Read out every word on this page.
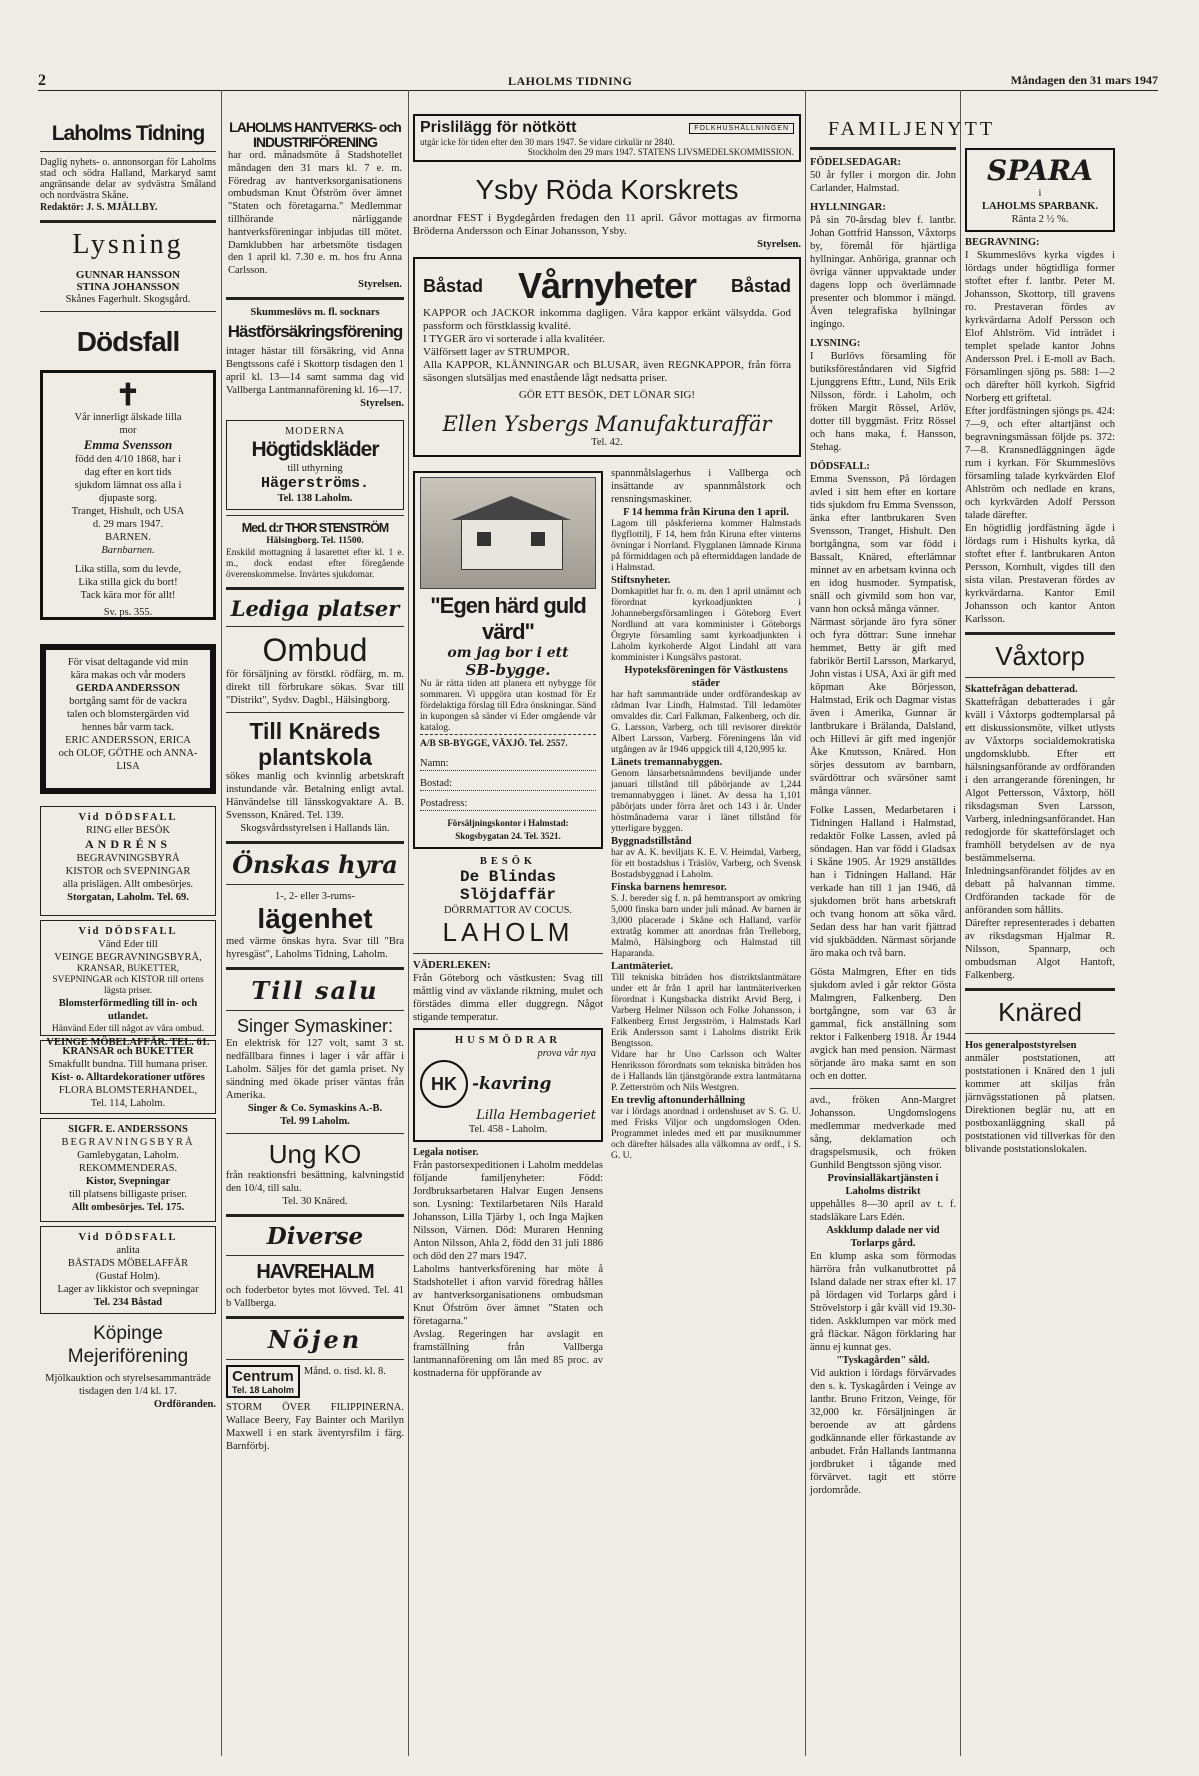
2	LAHOLMS TIDNING	Måndagen den 31 mars 1947
Laholms Tidning
Daglig nyhets- o. annonsorgan för Laholms stad och södra Halland, Markaryd samt angränsande delar av sydvästra Småland och nordvästra Skåne.
Redaktör: J. S. MJÄLLBY.
Lysning
GUNNAR HANSSON
STINA JOHANSSON
Skånes Fagerhult. Skogsgård.
Dödsfall
✝
Vår innerligt älskade lilla mor
Emma Svensson
född den 4/10 1868, har i dag efter en kort tids sjukdom lämnat oss alla i djupaste sorg.
Tranget, Hishult, och USA d. 29 mars 1947.
BARNEN.
Barnbarnen.
Lika stilla, som du levde, Lika stilla gick du bort! Tack kära mor för allt!
Sv. ps. 355.
För visat deltagande vid min kära makas och vår moders
GERDA ANDERSSON
bortgång samt för de vackra talen och blomstergärden vid hennes bår varm tack.
ERIC ANDERSSON, ERICA och OLOF, GÖTHE och ANNA-LISA
Vid DÖDSFALL
RING eller BESÖK
ANDRÉNS
BEGRAVNINGSBYRÅ
KISTOR och SVEPNINGAR
alla prislägen. Allt ombesörjes.
Storgatan, Laholm. Tel. 69.
Vid DÖDSFALL
Vänd Eder till
VEINGE BEGRAVNINGSBYRÅ,
KRANSAR, BUKETTER, SVEPNINGAR och KISTOR till ortens lägsta priser.
Blomsterförmedling till in- och utlandet.
Hänvänd Eder till något av våra ombud.
VEINGE MÖBELAFFÄR. TEL. 61.
KRANSAR och BUKETTER
Smakfullt bundna. Till humana priser.
Kist- o. Alltardekorationer utföres
FLORA BLOMSTERHANDEL,
Tel. 114, Laholm.
SIGFR. E. ANDERSSONS
BEGRAVNINGSBYRÅ
Gamlebygatan, Laholm.
REKOMMENDERAS.
Kistor, Svepningar
till platsens billigaste priser.
Allt ombesörjes. Tel. 175.
Vid DÖDSFALL
anlita
BÅSTADS MÖBELAFFÄR
(Gustaf Holm).
Lager av likkistor och svepningar
Tel. 234 Båstad
Köpinge Mejeriförening
Mjölkauktion och styrelsesammanträde tisdagen den 1/4 kl. 17.
Ordföranden.
LAHOLMS HANTVERKS- och INDUSTRIFÖRENING
har ord. månadsmöte å Stadshotellet måndagen den 31 mars kl. 7 e. m. Föredrag av hantverksorganisationens ombudsman Knut Öfström över ämnet "Staten och företagarna." Medlemmar tillhörande närliggande hantverksföreningar inbjudas till mötet. Damklubben har arbetsmöte tisdagen den 1 april kl. 7.30 e. m. hos fru Anna Carlsson.
Styrelsen.
Skummeslövs m. fl. socknars
Hästförsäkringsförening
intager hästar till försäkring, vid Anna Bengtssons café i Skottorp tisdagen den 1 april kl. 13—14 samt samma dag vid Vallberga Lantmannaförening kl. 16—17.
Styrelsen.
MODERNA
Högtidskläder
till uthyrning
Hägerströms.
Tel. 138 Laholm.
Med. d:r THOR STENSTRÖM
Hälsingborg. Tel. 11500.
Enskild mottagning å lasarettet efter kl. 1 e. m., dock endast efter föregående överenskommelse. Invärtes sjukdomar.
Lediga platser
Ombud
för försäljning av förstkl. rödfärg, m. m. direkt till förbrukare sökas. Svar till "Distrikt", Sydsv. Dagbl., Hälsingborg.
Till Knäreds
plantskola
sökes manlig och kvinnlig arbetskraft instundande vår. Betalning enligt avtal. Hänvändelse till länsskogvaktare A. B. Svensson, Knäred. Tel. 139.
Skogsvårdsstyrelsen i Hallands län.
Önskas hyra
1-, 2- eller 3-rums-
lägenhet
med värme önskas hyra. Svar till "Bra hyresgäst", Laholms Tidning, Laholm.
Till salu
Singer Symaskiner:
En elektrisk för 127 volt, samt 3 st. nedfällbara finnes i lager i vår affär i Laholm. Säljes för det gamla priset. Ny sändning med ökade priser väntas från Amerika.
Singer & Co. Symaskins A.-B.
Tel. 99 Laholm.
Ung KO
från reaktionsfri besättning, kalvningstid den 10/4, till salu.
Tel. 30 Knäred.
Diverse
HAVREHALM
och foderbetor bytes mot lövved. Tel. 41 b Vallberga.
Nöjen
Centrum
Tel. 18 Laholm
Månd. o. tisd. kl. 8.
STORM ÖVER FILIPPINERNA. Wallace Beery, Fay Bainter och Marilyn Maxwell i en stark äventyrsfilm i färg. Barnförbj.
Prislilägg för nötkött	FOLKHUSHÅLLNINGEN
utgår icke för tiden efter den 30 mars 1947. Se vidare cirkulär nr 2840.
Stockholm den 29 mars 1947. STATENS LIVSMEDELSKOMMISSION.
Ysby Röda Korskrets
anordnar FEST i Bygdegården fredagen den 11 april. Gåvor mottagas av firmorna Bröderna Andersson och Einar Johansson, Ysby.
Styrelsen.
Båstad Vårnyheter Båstad
KAPPOR och JACKOR inkomma dagligen. Våra kappor erkänt välsydda. God passform och förstklassig kvalité.
I TYGER äro vi sorterade i alla kvalitéer.
Välförsett lager av STRUMPOR.
Alla KAPPOR, KLÄNNINGAR och BLUSAR, även REGNKAPPOR, från förra säsongen slutsäljas med enastående lågt nedsatta priser.
GÖR ETT BESÖK, DET LÖNAR SIG!
Ellen Ysbergs Manufakturaffär
Tel. 42.
"Egen härd guld värd"
om jag bor i ett
SB-bygge.
Nu är rätta tiden att planera ett nybygge för sommaren. Vi uppgöra utan kostnad för Er fördelaktiga förslag till Edra önskningar. Sänd in kupongen så sänder vi Eder omgående vår katalog.
A/B SB-BYGGE, VÄXJÖ. Tel. 2557.
Namn:
Bostad:
Postadress:
Försäljningskontor i Halmstad: Skogsbygatan 24. Tel. 3521.
BESÖK
De Blindas Slöjdaffär
DÖRRMATTOR AV COCUS.
LAHOLM
VÄDERLEKEN:
Från Göteborg och västkusten: Svag till måttlig vind av växlande riktning, mulet och förstädes dimma eller duggregn. Något stigande temperatur.
HUSMÖDRAR
prova vår nya
HK -kavring
Lilla Hembageriet
Tel. 458 - Laholm.
Legala notiser.
Från pastorsexpeditionen i Laholm meddelas följande familjenyheter: Född: Jordbruksarbetaren Halvar Eugen Jensens son. Lysning: Textilarbetaren Nils Harald Johansson, Lilla Tjärby 1, och Inga Majken Nilsson, Värnen. Död: Muraren Henning Anton Nilsson, Ahla 2, född den 31 juli 1886 och död den 27 mars 1947.
Laholms hantverksförening har möte å Stadshotellet i afton varvid föredrag hålles av hantverksorganisationens ombudsman Knut Öfström över ämnet "Staten och företagarna."
Avslag. Regeringen har avslagit en framställning från Vallberga lantmannaförening om lån med 85 proc. av kostnaderna för uppförande av
spannmålslagerhus i Vallberga och insättande av spannmålstork och rensningsmaskiner.
F 14 hemma från Kiruna den 1 april.
Lagom till påskferierna kommer Halmstads flygflottilj, F 14, hem från Kiruna efter vinterns övningar i Norrland. Flygplanen lämnade Kiruna på förmiddagen och på eftermiddagen landade de i Halmstad.
Stiftsnyheter.
Domkapitlet har fr. o. m. den 1 april utnämnt och förordnat kyrkoadjunkten i Johannebergsförsamlingen i Göteborg Evert Nordlund att vara komminister i Göteborgs Örgryte församling samt kyrkoadjunkten i Laholm kyrkoherde Algot Lindahl att vara komminister i Kungsälvs pastorat.
Hypoteksföreningen för Västkustens städer
har haft sammanträde under ordförandeskap av rådman Ivar Lindh, Halmstad. Till ledamöter omvaldes dir. Carl Falkman, Falkenberg, och dir. G. Larsson, Varberg, och till revisorer direktör Albert Larsson, Varberg. Föreningens lån vid utgången av år 1946 uppgick till 4,120,995 kr.
Länets tremannabyggen.
Genom länsarbetsnämndens beviljande under januari tillstånd till påbörjande av 1,244 tremannabyggen i länet. Av dessa ha 1,101 påbörjats under förra året och 143 i år. Under höstmånaderna varar i länet tillstånd för ytterligare byggen.
Byggnadstillstånd
har av A. K. beviljats K. E. V. Heimdal, Varberg, för ett bostadshus i Träslöv, Varberg, och Svensk Bostadsbyggnad i Laholm.
Finska barnens hemresor.
S. J. bereder sig f. n. på hemtransport av omkring 5,000 finska barn under juli månad. Av barnen är 3,000 placerade i Skåne och Halland, varför extratåg kommer att anordnas från Trelleborg, Malmö, Hälsingborg och Halmstad till Haparanda.
Lantmäteriet.
Till tekniska biträden hos distriktslantmätare under ett år från 1 april har lantmäteriverken förordnat i Kungsbacka distrikt Arvid Berg, i Varberg Helmer Nilsson och Folke Johansson, i Falkenberg Ernst Jergsström, i Halmstads Karl Erik Andersson samt i Laholms distrikt Erik Bengtsson.
Vidare har hr Uno Carlsson och Walter Henriksson förordnats som tekniska biträden hos de i Hallands län tjänstgörande extra lantmätarna P. Zetterström och Nils Westgren.
En trevlig aftonunderhållning
var i lördags anordnad i ordenshuset av S. G. U. med Frisks Viljor och ungdomslogen Oden. Programmet inledes med ett par musiknummer och därefter hälsades alla välkomna av ordf., i S. G. U.
FAMILJENYTT
FÖDELSEDAGAR:
50 år fyller i morgon dir. John Carlander, Halmstad.
HYLLNINGAR:
På sin 70-årsdag blev f. lantbr. Johan Gottfrid Hansson, Våxtorps by, föremål för hjärtliga hyllningar. Anhöriga, grannar och övriga vänner uppvaktade under dagens lopp och överlämnade presenter och blommor i mängd. Även telegrafiska hyllningar ingingo.
LYSNING:
I Burlövs församling för butiksföreståndaren vid Sigfrid Ljunggrens Efttr., Lund, Nils Erik Nilsson, fördr. i Laholm, och fröken Margit Rössel, Arlöv, dotter till byggmäst. Fritz Rössel och hans maka, f. Hansson, Stehag.
DÖDSFALL:
Emma Svensson, På lördagen avled i sitt hem efter en kortare tids sjukdom fru Emma Svensson, änka efter lantbrukaren Sven Svensson, Tranget, Hishult. Den bortgångna, som var född i Bassalt, Knäred, efterlämnar minnet av en arbetsam kvinna och en idog husmoder. Sympatisk, snäll och givmild som hon var, vann hon också många vänner.
Närmast sörjande äro fyra söner och fyra döttrar: Sune innehar hemmet, Betty är gift med fabrikör Bertil Larsson, Markaryd, John vistas i USA, Axi är gift med köpman Ake Börjesson, Halmstad, Erik och Dagmar vistas även i Amerika, Gunnar är lantbrukare i Brälanda, Dalsland, och Hillevi är gift med ingenjör Åke Knutsson, Knäred. Hon sörjes dessutom av barnbarn, svärdöttrar och svärsöner samt många vänner.
Folke Lassen, Medarbetaren i Tidningen Halland i Halmstad, redaktör Folke Lassen, avled på söndagen. Han var född i Gladsax i Skåne 1905. År 1929 anställdes han i Tidningen Halland. Här verkade han till 1 jan 1946, då sjukdomen bröt hans arbetskraft och tvang honom att söka vård. Sedan dess har han varit fjättrad vid sjukbädden. Närmast sörjande äro maka och två barn.
Gösta Malmgren, Efter en tids sjukdom avled i går rektor Gösta Malmgren, Falkenberg. Den bortgångne, som var 63 år gammal, fick anställning som rektor i Falkenberg 1918. År 1944 avgick han med pension. Närmast sörjande äro maka samt en son och en dotter.
avd., fröken Ann-Margret Johansson. Ungdomslogens medlemmar medverkade med sång, deklamation och dragspelsmusik, och fröken Gunhild Bengtsson sjöng visor.
Provinsialläkartjänsten i Laholms distrikt
uppehålles 8—30 april av t. f. stadsläkare Lars Edén.
Askklump dalade ner vid Torlarps gård.
En klump aska som förmodas härröra från vulkanutbrottet på Island dalade ner strax efter kl. 17 på lördagen vid Torlarps gård i Strövelstorp i går kväll vid 19.30-tiden. Askklumpen var mörk med grå fläckar. Någon förklaring har ännu ej kunnat ges.
"Tyskagården" såld.
Vid auktion i lördags förvärvades den s. k. Tyskagården i Veinge av lantbr. Bruno Fritzon, Veinge, för 32,000 kr. Försäljningen är beroende av att gårdens godkännande eller förkastande av anbudet. Från Hallands lantmanna jordbruket i tågande med förvärvet. tagit ett större jordområde.
SPARA
i
LAHOLMS SPARBANK.
Ränta 2 ½ %.
BEGRAVNING:
I Skummeslövs kyrka vigdes i lördags under högtidliga former stoftet efter f. lantbr. Peter M. Johansson, Skottorp, till gravens ro. Prestaveran fördes av kyrkvärdarna Adolf Persson och Elof Ahlström. Vid inträdet i templet spelade kantor Johns Andersson Prel. i E-moll av Bach. Församlingen sjöng ps. 588: 1—2 och därefter höll kyrkoh. Sigfrid Norberg ett griftetal.
Efter jordfästningen sjöngs ps. 424: 7—9, och efter altartjänst och begravningsmässan följde ps. 372: 7—8. Kransnedläggningen ägde rum i kyrkan. För Skummeslövs församling talade kyrkvärden Elof Ahlström och nedlade en krans, och kyrkvärden Adolf Persson talade därefter.
En högtidlig jordfästning ägde i lördags rum i Hishults kyrka, då stoftet efter f. lantbrukaren Anton Persson, Kornhult, vigdes till den sista vilan. Prestaveran fördes av kyrkvärdarna. Kantor Emil Johansson och kantor Anton Karlsson.
Våxtorp
Skattefrågan debatterad.
Skattefrågan debatterades i går kväll i Våxtorps godtemplarsal på ett diskussionsmöte, vilket utlysts av Våxtorps socialdemokratiska ungdomsklubb. Efter ett hälsningsanförande av ordföranden i den arrangerande föreningen, hr Algot Pettersson, Våxtorp, höll riksdagsman Sven Larsson, Varberg, inledningsanförandet. Han redogjorde för skatteförslaget och framhöll betydelsen av de nya bestämmelserna. Inledningsanförandet följdes av en debatt på halvannan timme. Ordföranden tackade för de anföranden som hållits.
Därefter representerades i debatten av riksdagsman Hjalmar R. Nilsson, Spannarp, och ombudsman Algot Hantoft, Falkenberg.
Knäred
Hos generalpoststyrelsen
anmäler poststationen, att poststationen i Knäred den 1 juli kommer att skiljas från järnvägsstationen på platsen. Direktionen beglär nu, att en postboxanläggning skall på poststationen vid tillverkas för den blivande poststationslokalen.
